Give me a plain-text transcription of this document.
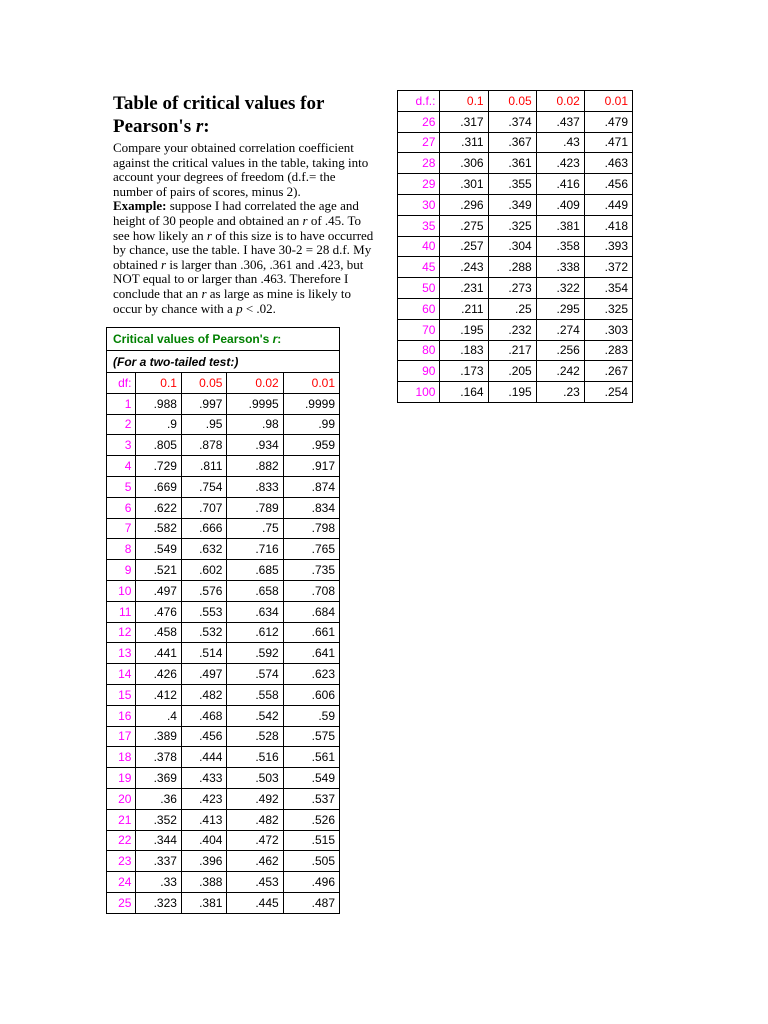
Table of critical values for Pearson's r:

Compare your obtained correlation coefficient against the critical values in the table, taking into account your degrees of freedom (d.f.= the number of pairs of scores, minus 2).

Example: suppose I had correlated the age and height of 30 people and obtained an r of .45. To see how likely an r of this size is to have occurred by chance, use the table. I have 30-2 = 28 d.f. My obtained r is larger than .306, .361 and .423, but NOT equal to or larger than .463. Therefore I conclude that an r as large as mine is likely to occur by chance with a p < .02.

Critical values of Pearson's r:				
(For a two-tailed test:)				
df:	0.1	0.05	0.02	0.01
1	.988	.997	.9995	.9999
2	.9	.95	.98	.99
3	.805	.878	.934	.959
4	.729	.811	.882	.917
5	.669	.754	.833	.874
6	.622	.707	.789	.834
7	.582	.666	.75	.798
8	.549	.632	.716	.765
9	.521	.602	.685	.735
10	.497	.576	.658	.708
11	.476	.553	.634	.684
12	.458	.532	.612	.661
13	.441	.514	.592	.641
14	.426	.497	.574	.623
15	.412	.482	.558	.606
16	.4	.468	.542	.59
17	.389	.456	.528	.575
18	.378	.444	.516	.561
19	.369	.433	.503	.549
20	.36	.423	.492	.537
21	.352	.413	.482	.526
22	.344	.404	.472	.515
23	.337	.396	.462	.505
24	.33	.388	.453	.496
25	.323	.381	.445	.487
d.f.:	0.1	0.05	0.02	0.01
26	.317	.374	.437	.479
27	.311	.367	.43	.471
28	.306	.361	.423	.463
29	.301	.355	.416	.456
30	.296	.349	.409	.449
35	.275	.325	.381	.418
40	.257	.304	.358	.393
45	.243	.288	.338	.372
50	.231	.273	.322	.354
60	.211	.25	.295	.325
70	.195	.232	.274	.303
80	.183	.217	.256	.283
90	.173	.205	.242	.267
100	.164	.195	.23	.254
